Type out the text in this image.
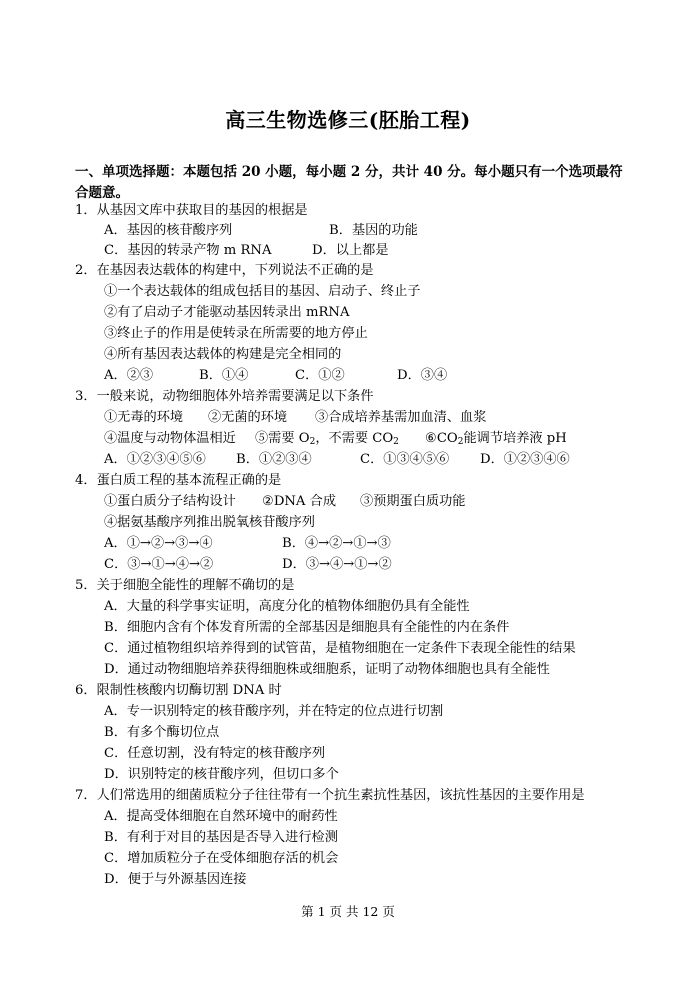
高三生物选修三(胚胎工程)
一、单项选择题：本题包括 20 小题，每小题 2 分，共计 40 分。每小题只有一个选项最符合题意。
1．从基因文库中获取目的基因的根据是
A．基因的核苷酸序列	B．基因的功能
C．基因的转录产物 m RNA	D．以上都是
2．在基因表达载体的构建中，下列说法不正确的是
①一个表达载体的组成包括目的基因、启动子、终止子
②有了启动子才能驱动基因转录出 mRNA
③终止子的作用是使转录在所需要的地方停止
④所有基因表达载体的构建是完全相同的
A．②③	B．①④	C．①②	D．③④
3．一般来说，动物细胞体外培养需要满足以下条件
①无毒的环境 ②无菌的环境 ③合成培养基需加血清、血浆
④温度与动物体温相近 ⑤需要 $O_2$，不需要 $CO_2$ $⑥CO_2$能调节培养液 pH
A．①②③④⑤⑥ B．①②③④	C．①③④⑤⑥ D．①②③④⑥
4．蛋白质工程的基本流程正确的是
①蛋白质分子结构设计 ②DNA 合成 ③预期蛋白质功能
④据氨基酸序列推出脱氧核苷酸序列
A．①→②→③→④	B．④→②→①→③
C．③→①→④→②	D．③→④→①→②
5．关于细胞全能性的理解不确切的是
A．大量的科学事实证明，高度分化的植物体细胞仍具有全能性
B．细胞内含有个体发育所需的全部基因是细胞具有全能性的内在条件
C．通过植物组织培养得到的试管苗，是植物细胞在一定条件下表现全能性的结果
D．通过动物细胞培养获得细胞株或细胞系，证明了动物体细胞也具有全能性
6．限制性核酸内切酶切割 DNA 时
A．专一识别特定的核苷酸序列，并在特定的位点进行切割
B．有多个酶切位点
C．任意切割，没有特定的核苷酸序列
D．识别特定的核苷酸序列，但切口多个
7．人们常选用的细菌质粒分子往往带有一个抗生素抗性基因，该抗性基因的主要作用是
A．提高受体细胞在自然环境中的耐药性
B．有利于对目的基因是否导入进行检测
C．增加质粒分子在受体细胞存活的机会
D．便于与外源基因连接
第 1 页 共 12 页
